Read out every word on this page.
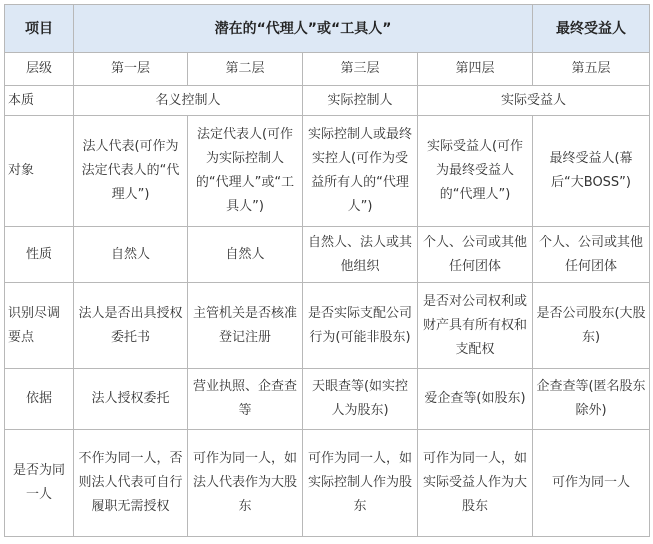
项目	潜在的“代理人”或“工具人”				最终受益人
层级	第一层	第二层	第三层	第四层	第五层
本质	名义控制人		实际控制人	实际受益人	
对象	法人代表(可作为法定代表人的“代理人”)	法定代表人(可作为实际控制人的“代理人”或“工具人”)	实际控制人或最终实控人(可作为受益所有人的“代理人”)	实际受益人(可作为最终受益人的“代理人”)	最终受益人(幕后“大BOSS”)
性质	自然人	自然人	自然人、法人或其他组织	个人、公司或其他任何团体	个人、公司或其他任何团体
识别尽调要点	法人是否出具授权委托书	主管机关是否核准登记注册	是否实际支配公司行为(可能非股东)	是否对公司权利或财产具有所有权和支配权	是否公司股东(大股东)
依据	法人授权委托	营业执照、企查查等	天眼查等(如实控人为股东)	爱企查等(如股东)	企查查等(匿名股东除外)
是否为同一人	不作为同一人，否则法人代表可自行履职无需授权	可作为同一人，如法人代表作为大股东	可作为同一人，如实际控制人作为股东	可作为同一人，如实际受益人作为大股东	可作为同一人
